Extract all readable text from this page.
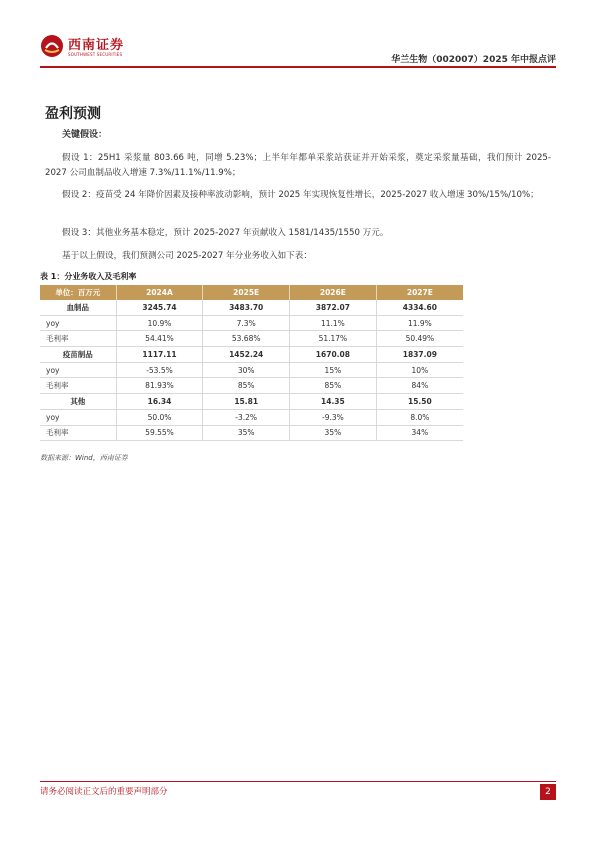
西南证券
SOUTHWEST SECURITIES
华兰生物（002007）2025 年中报点评
盈利预测
关键假设：
假设 1：25H1 采浆量 803.66 吨，同增 5.23%；上半年年都单采浆站获证并开始采浆，奠定采浆量基础，我们预计 2025-2027 公司血制品收入增速 7.3%/11.1%/11.9%；
假设 2：疫苗受 24 年降价因素及接种率波动影响，预计 2025 年实现恢复性增长，2025-2027 收入增速 30%/15%/10%；
假设 3：其他业务基本稳定，预计 2025-2027 年贡献收入 1581/1435/1550 万元。
基于以上假设，我们预测公司 2025-2027 年分业务收入如下表：
表 1：分业务收入及毛利率
单位：百万元	2024A	2025E	2026E	2027E
血制品	3245.74	3483.70	3872.07	4334.60
yoy	10.9%	7.3%	11.1%	11.9%
毛利率	54.41%	53.68%	51.17%	50.49%
疫苗制品	1117.11	1452.24	1670.08	1837.09
yoy	-53.5%	30%	15%	10%
毛利率	81.93%	85%	85%	84%
其他	16.34	15.81	14.35	15.50
yoy	50.0%	-3.2%	-9.3%	8.0%
毛利率	59.55%	35%	35%	34%
数据来源：Wind，西南证券
请务必阅读正文后的重要声明部分	2
